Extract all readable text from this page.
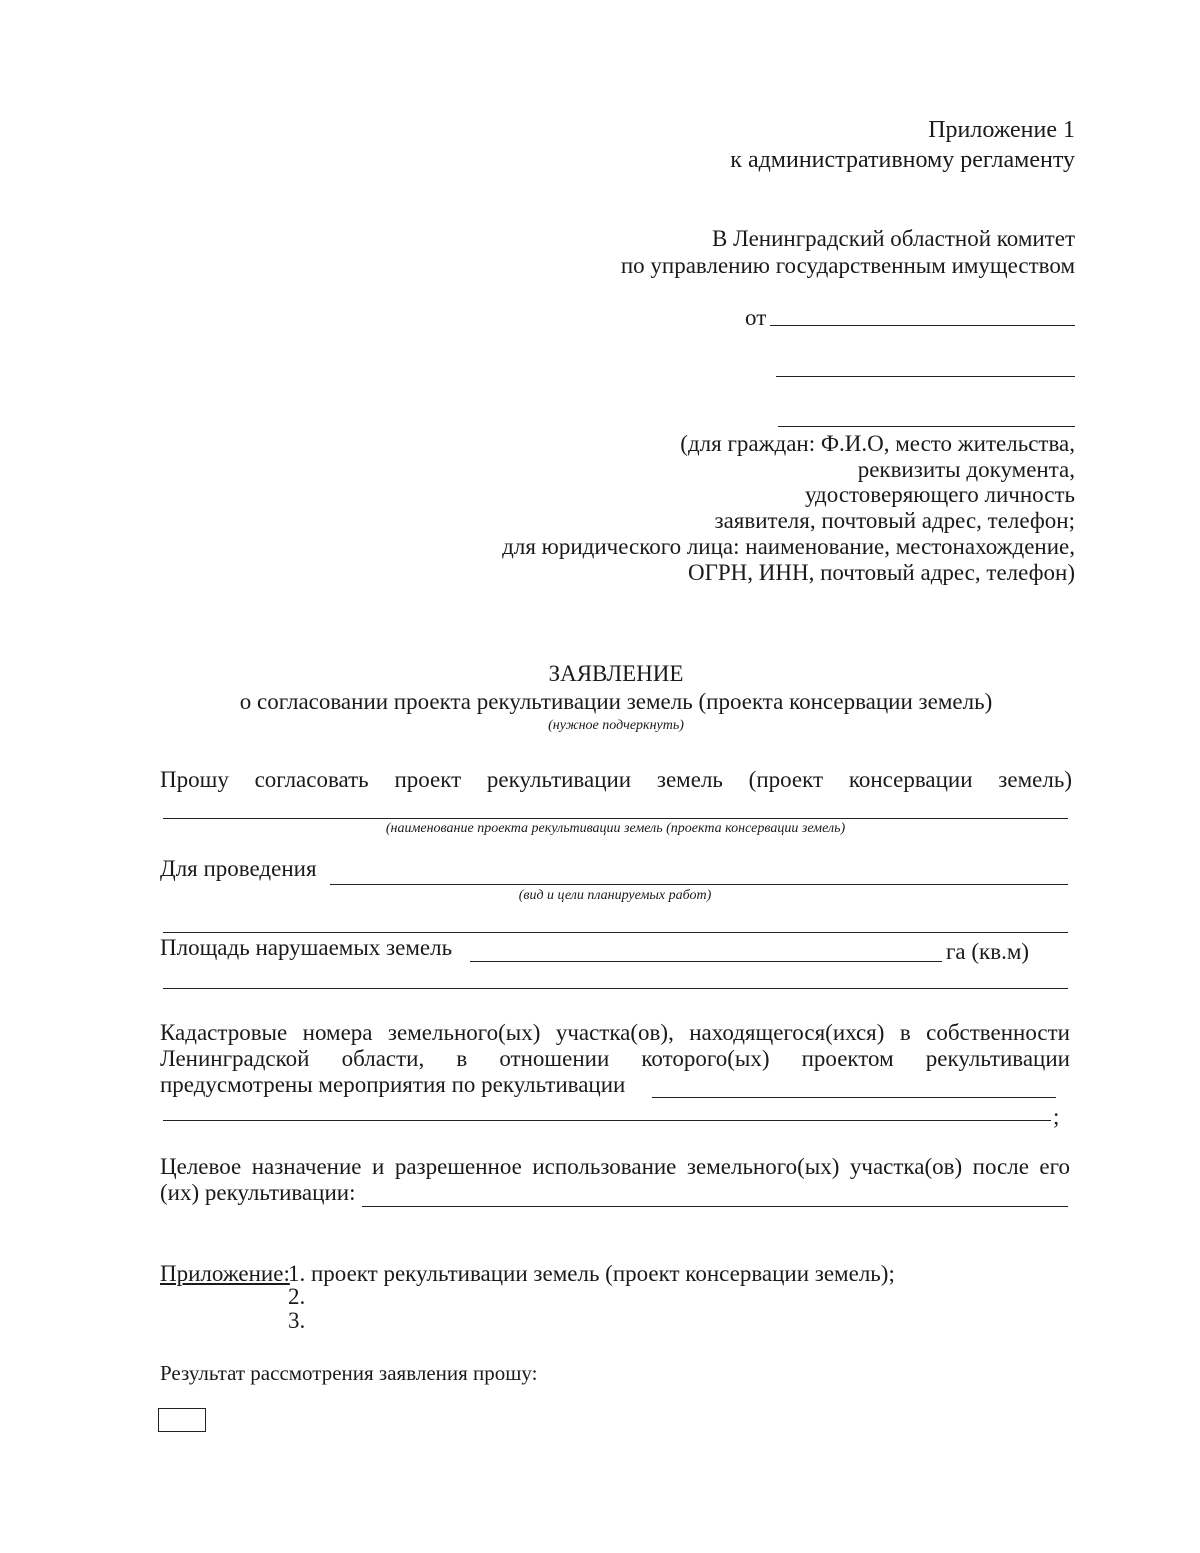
Приложение 1
к административному регламенту
В Ленинградский областной комитет
по управлению государственным имуществом
от
(для граждан: Ф.И.О, место жительства,
реквизиты документа,
удостоверяющего личность
заявителя, почтовый адрес, телефон;
для юридического лица: наименование, местонахождение,
ОГРН, ИНН, почтовый адрес, телефон)
ЗАЯВЛЕНИЕ
о согласовании проекта рекультивации земель (проекта консервации земель)
(нужное подчеркнуть)
Прошу согласовать проект рекультивации земель (проект консервации земель)
(наименование проекта рекультивации земель (проекта консервации земель)
Для проведения
(вид и цели планируемых работ)
Площадь нарушаемых земель	га (кв.м)
Кадастровые номера земельного(ых) участка(ов), находящегося(ихся) в собственности
Ленинградской области, в отношении которого(ых) проектом рекультивации
предусмотрены мероприятия по рекультивации
;
Целевое назначение и разрешенное использование земельного(ых) участка(ов) после его
(их) рекультивации:
Приложение:
1. проект рекультивации земель (проект консервации земель);
2.
3.
Результат рассмотрения заявления прошу:
